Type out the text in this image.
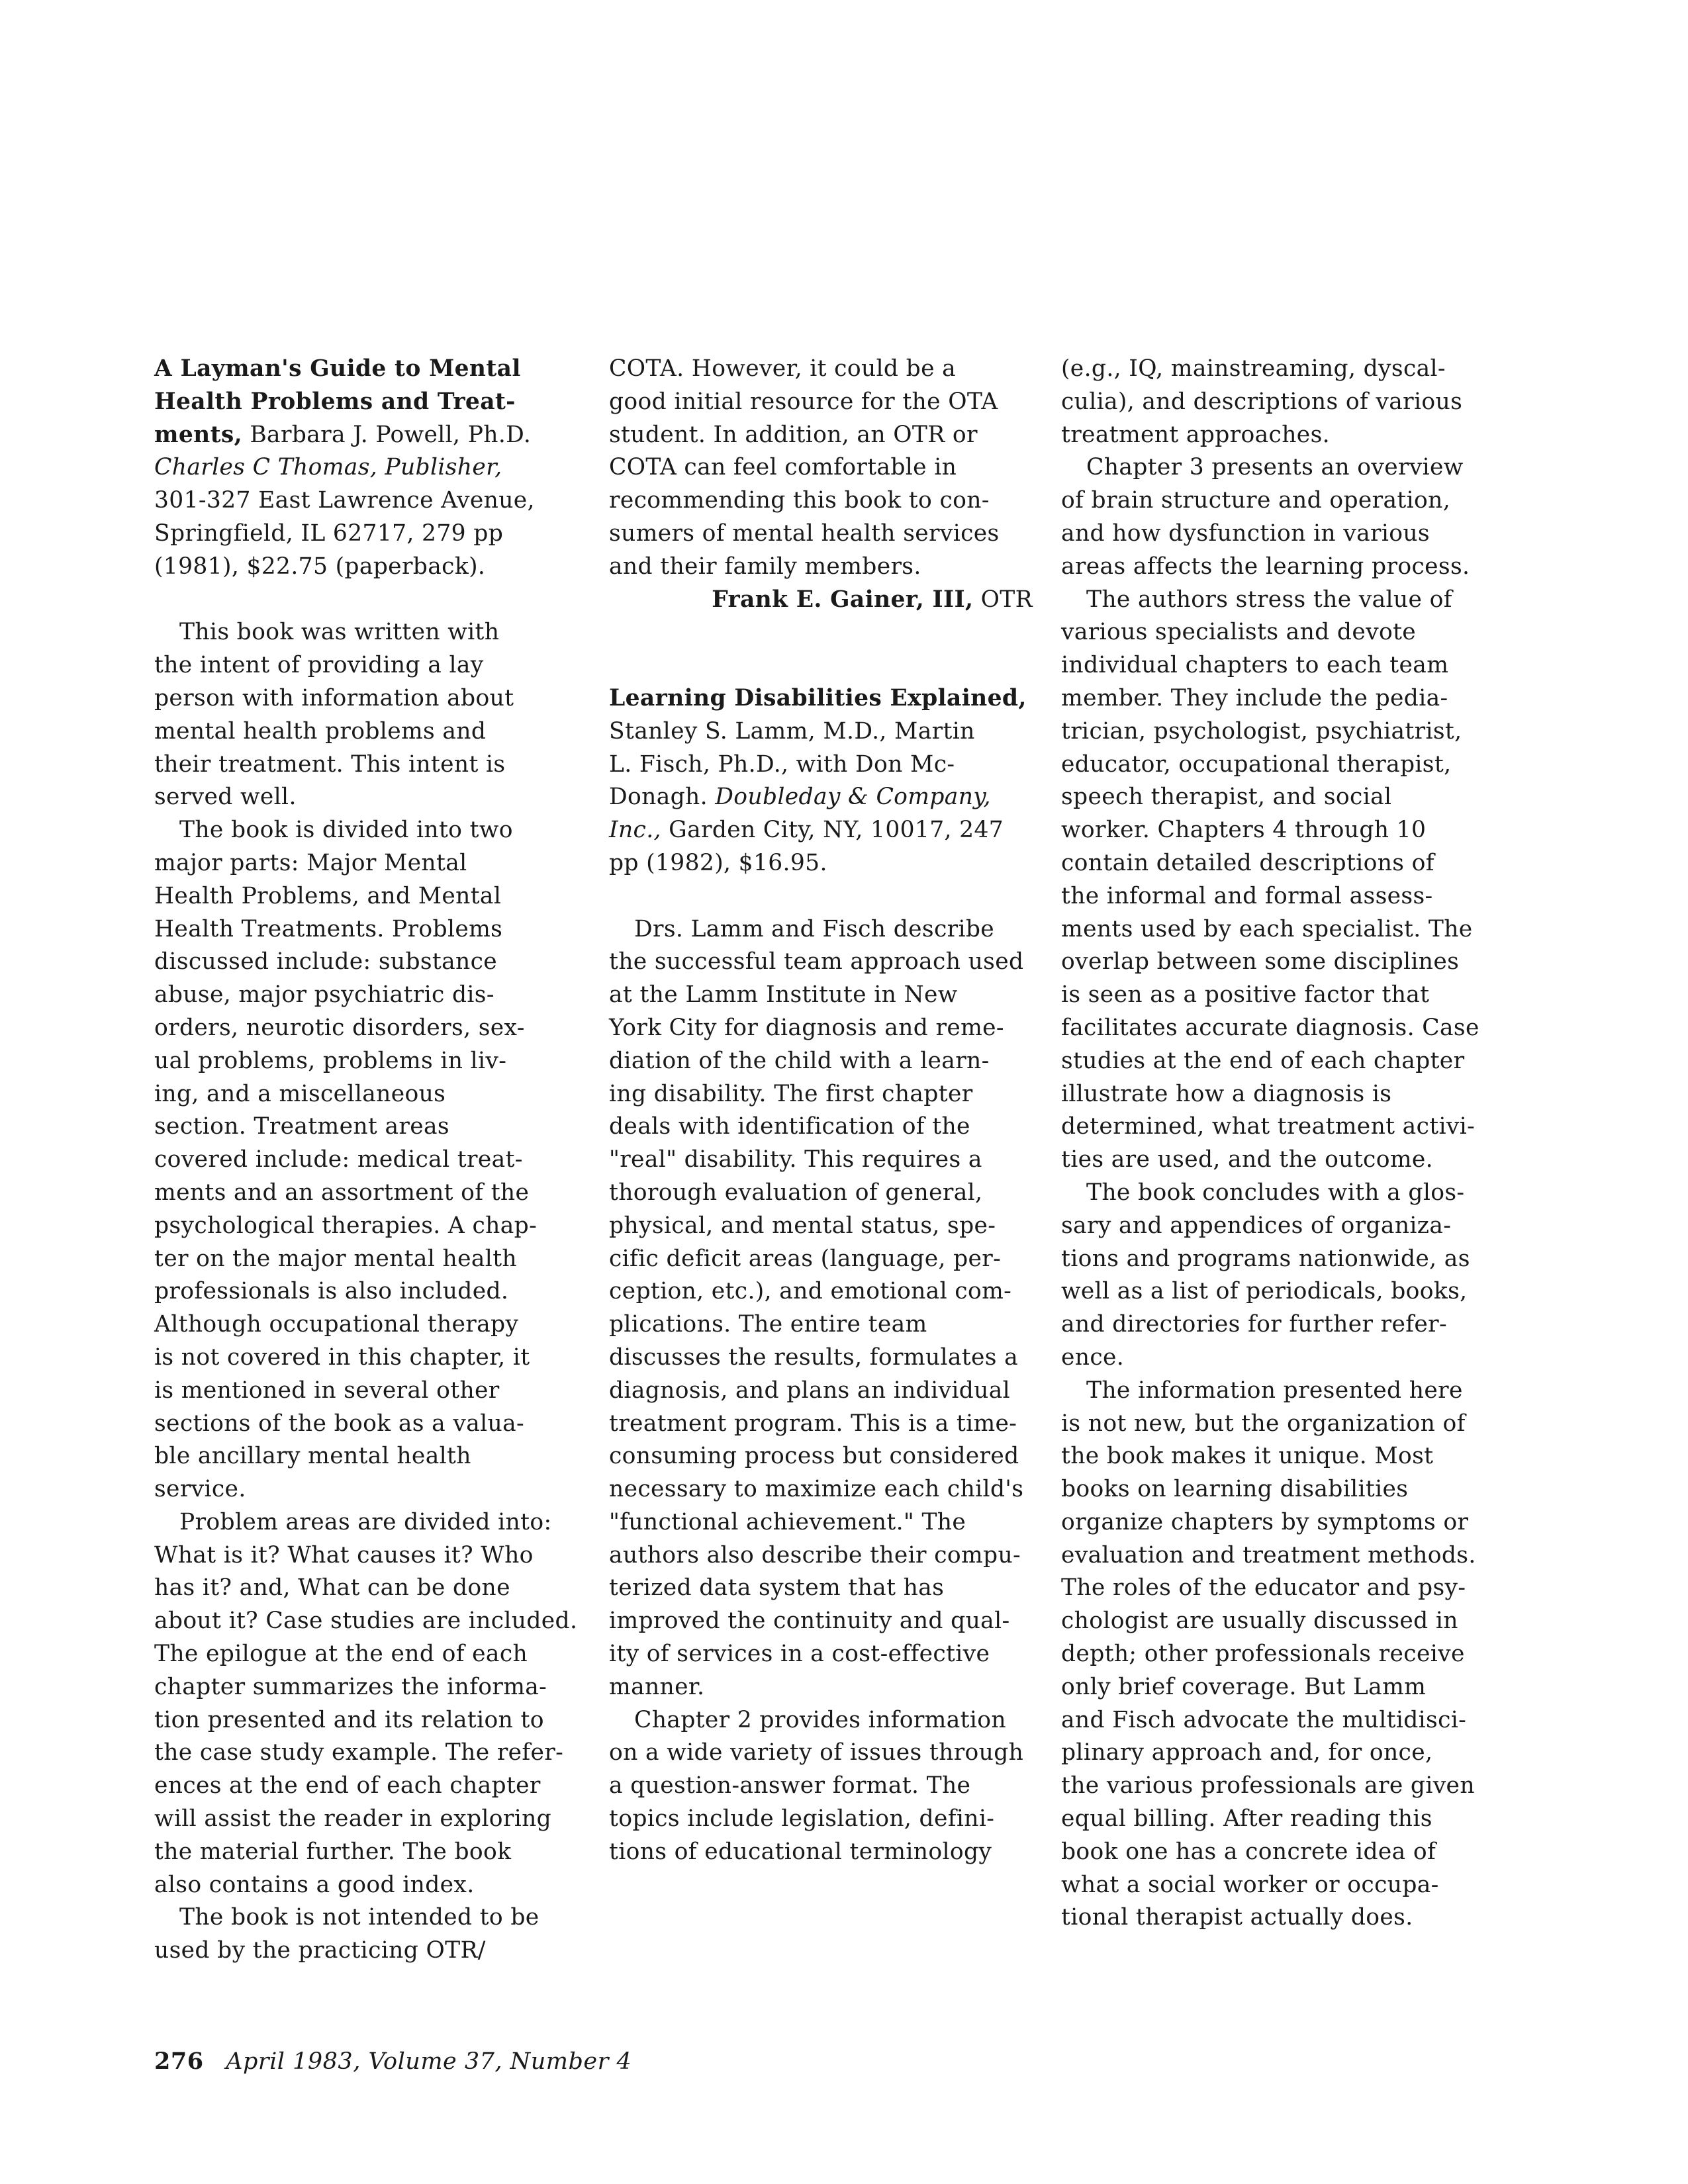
A Layman's Guide to Mental
Health Problems and Treat-
ments, Barbara J. Powell, Ph.D.
Charles C Thomas, Publisher,
301-327 East Lawrence Avenue,
Springfield, IL 62717, 279 pp
(1981), $22.75 (paperback).
This book was written with
the intent of providing a lay
person with information about
mental health problems and
their treatment. This intent is
served well.
The book is divided into two
major parts: Major Mental
Health Problems, and Mental
Health Treatments. Problems
discussed include: substance
abuse, major psychiatric dis-
orders, neurotic disorders, sex-
ual problems, problems in liv-
ing, and a miscellaneous
section. Treatment areas
covered include: medical treat-
ments and an assortment of the
psychological therapies. A chap-
ter on the major mental health
professionals is also included.
Although occupational therapy
is not covered in this chapter, it
is mentioned in several other
sections of the book as a valua-
ble ancillary mental health
service.
Problem areas are divided into:
What is it? What causes it? Who
has it? and, What can be done
about it? Case studies are included.
The epilogue at the end of each
chapter summarizes the informa-
tion presented and its relation to
the case study example. The refer-
ences at the end of each chapter
will assist the reader in exploring
the material further. The book
also contains a good index.
The book is not intended to be
used by the practicing OTR/
COTA. However, it could be a
good initial resource for the OTA
student. In addition, an OTR or
COTA can feel comfortable in
recommending this book to con-
sumers of mental health services
and their family members.
Frank E. Gainer, III, OTR
Learning Disabilities Explained,
Stanley S. Lamm, M.D., Martin
L. Fisch, Ph.D., with Don Mc-
Donagh. Doubleday & Company,
Inc., Garden City, NY, 10017, 247
pp (1982), $16.95.
Drs. Lamm and Fisch describe
the successful team approach used
at the Lamm Institute in New
York City for diagnosis and reme-
diation of the child with a learn-
ing disability. The first chapter
deals with identification of the
"real" disability. This requires a
thorough evaluation of general,
physical, and mental status, spe-
cific deficit areas (language, per-
ception, etc.), and emotional com-
plications. The entire team
discusses the results, formulates a
diagnosis, and plans an individual
treatment program. This is a time-
consuming process but considered
necessary to maximize each child's
"functional achievement." The
authors also describe their compu-
terized data system that has
improved the continuity and qual-
ity of services in a cost-effective
manner.
Chapter 2 provides information
on a wide variety of issues through
a question-answer format. The
topics include legislation, defini-
tions of educational terminology
(e.g., IQ, mainstreaming, dyscal-
culia), and descriptions of various
treatment approaches.
Chapter 3 presents an overview
of brain structure and operation,
and how dysfunction in various
areas affects the learning process.
The authors stress the value of
various specialists and devote
individual chapters to each team
member. They include the pedia-
trician, psychologist, psychiatrist,
educator, occupational therapist,
speech therapist, and social
worker. Chapters 4 through 10
contain detailed descriptions of
the informal and formal assess-
ments used by each specialist. The
overlap between some disciplines
is seen as a positive factor that
facilitates accurate diagnosis. Case
studies at the end of each chapter
illustrate how a diagnosis is
determined, what treatment activi-
ties are used, and the outcome.
The book concludes with a glos-
sary and appendices of organiza-
tions and programs nationwide, as
well as a list of periodicals, books,
and directories for further refer-
ence.
The information presented here
is not new, but the organization of
the book makes it unique. Most
books on learning disabilities
organize chapters by symptoms or
evaluation and treatment methods.
The roles of the educator and psy-
chologist are usually discussed in
depth; other professionals receive
only brief coverage. But Lamm
and Fisch advocate the multidisci-
plinary approach and, for once,
the various professionals are given
equal billing. After reading this
book one has a concrete idea of
what a social worker or occupa-
tional therapist actually does.
276 April 1983, Volume 37, Number 4
